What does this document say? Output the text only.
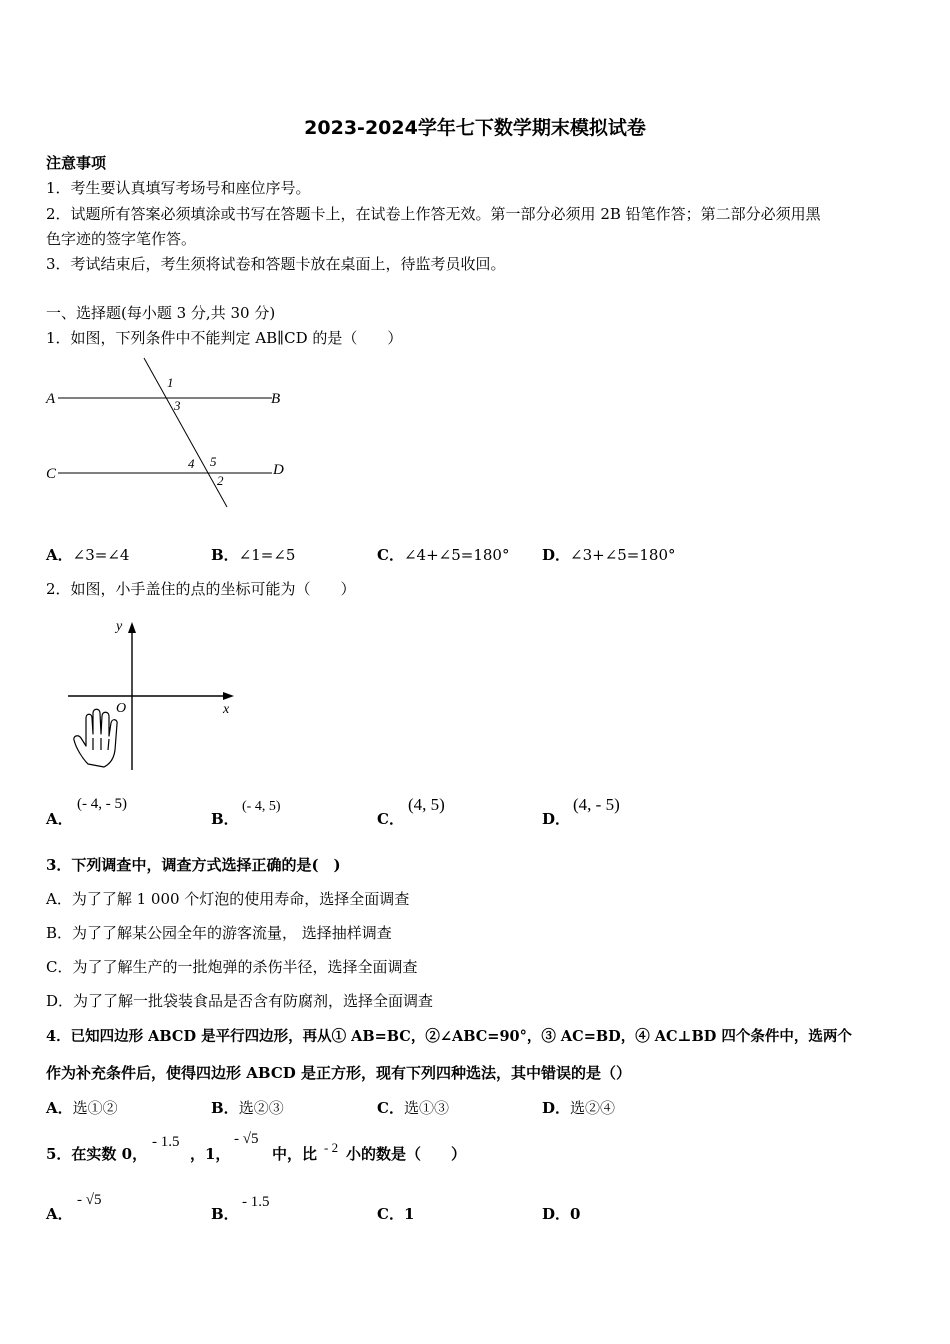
2023-2024学年七下数学期末模拟试卷
注意事项
1．考生要认真填写考场号和座位序号。
2．试题所有答案必须填涂或书写在答题卡上，在试卷上作答无效。第一部分必须用 2B 铅笔作答；第二部分必须用黑
色字迹的签字笔作答。
3．考试结束后，考生须将试卷和答题卡放在桌面上，待监考员收回。
一、选择题(每小题 3 分,共 30 分)
1．如图，下列条件中不能判定 AB∥CD 的是（　　）
A	B
C	D
1
3
4 5
2
A．∠3=∠4	B．∠1=∠5	C．∠4+∠5=180° D．∠3+∠5=180°
2．如图，小手盖住的点的坐标可能为（　　）
x
y
O
A．
(- 4, - 5)
B．
(- 4, 5)
C．
(4, 5)
D．
(4, - 5)
3．下列调查中，调查方式选择正确的是(　)
A．为了了解 1 000 个灯泡的使用寿命，选择全面调查
B．为了了解某公园全年的游客流量， 选择抽样调查
C．为了了解生产的一批炮弹的杀伤半径，选择全面调查
D．为了了解一批袋装食品是否含有防腐剂，选择全面调查
4．已知四边形 ABCD 是平行四边形，再从① AB=BC，②∠ABC=90°，③ AC=BD，④ AC⊥BD 四个条件中，选两个
作为补充条件后，使得四边形 ABCD 是正方形，现有下列四种选法，其中错误的是（）
A．选①②	B．选②③	C．选①③	D．选②④
5．在实数 0，
- 1.5
，1，
- √5
中，比 - 2 小的数是（　　）
A．
- √5
B．
- 1.5
C．1	D．0
